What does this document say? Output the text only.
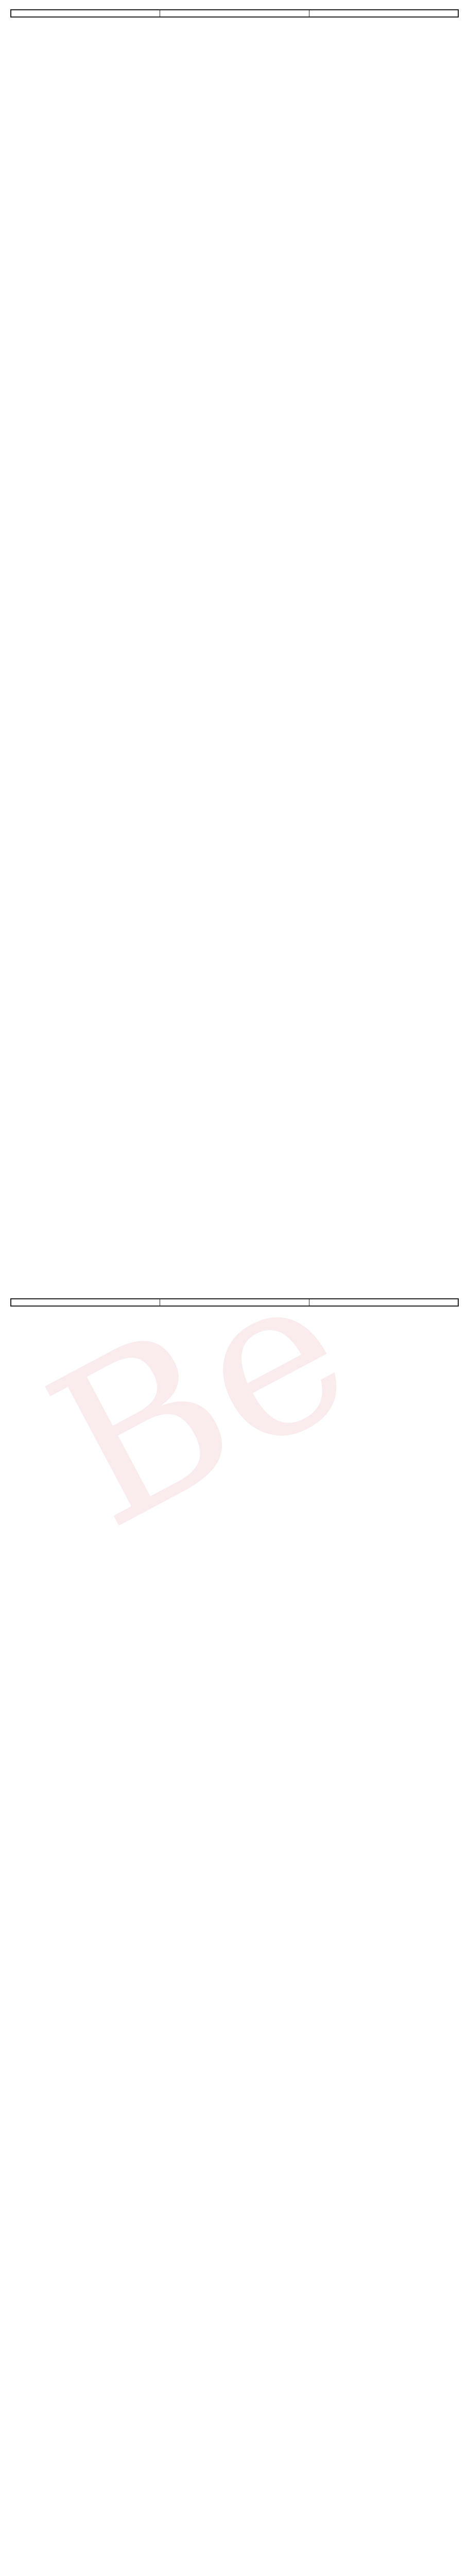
Be
